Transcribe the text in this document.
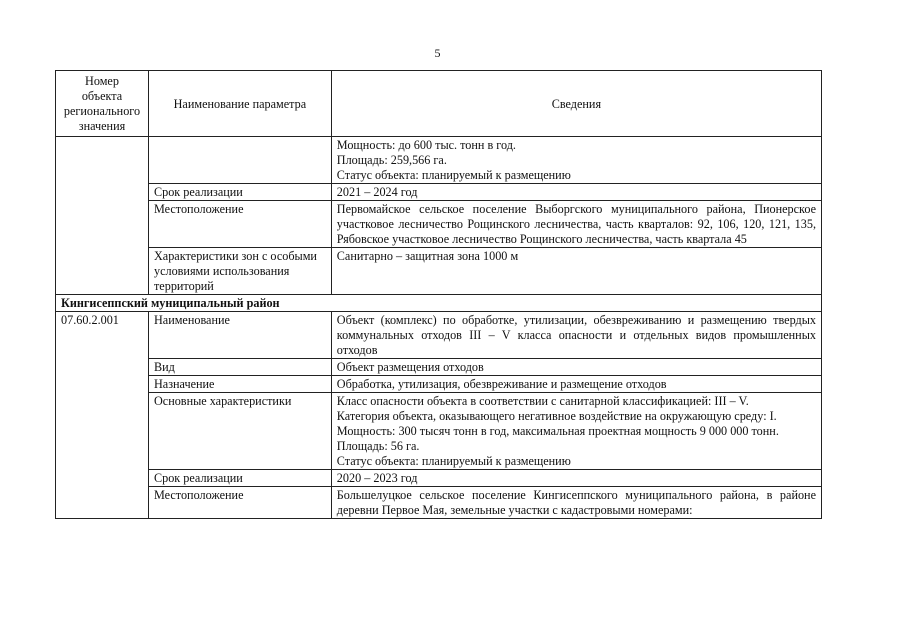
5
Номер
объекта
регионального
значения	Наименование параметра	Сведения

		Мощность: до 600 тыс. тонн в год.
Площадь: 259,566 га.
Статус объекта: планируемый к размещению

	Срок реализации	2021 – 2024 год
	Местоположение	Первомайское сельское поселение Выборгского муниципального района, Пионерское участковое лесничество Рощинского лесничества, часть кварталов: 92, 106, 120, 121, 135, Рябовское участковое лесничество Рощинского лесничества, часть квартала 45
	Характеристики зон с особыми условиями использования территорий	Санитарно – защитная зона 1000 м
Кингисеппский муниципальный район		
07.60.2.001	Наименование	Объект (комплекс) по обработке, утилизации, обезвреживанию и размещению твердых коммунальных отходов III – V класса опасности и отдельных видов промышленных отходов
	Вид	Объект размещения отходов
	Назначение	Обработка, утилизация, обезвреживание и размещение отходов
	Основные характеристики	Класс опасности объекта в соответствии с санитарной классификацией: III – V.
Категория объекта, оказывающего негативное воздействие на окружающую среду: I.
Мощность: 300 тысяч тонн в год, максимальная проектная мощность 9 000 000 тонн.
Площадь: 56 га.
Статус объекта: планируемый к размещению

	Срок реализации	2020 – 2023 год
	Местоположение	Большелуцкое сельское поселение Кингисеппского муниципального района, в районе деревни Первое Мая, земельные участки с кадастровыми номерами:
